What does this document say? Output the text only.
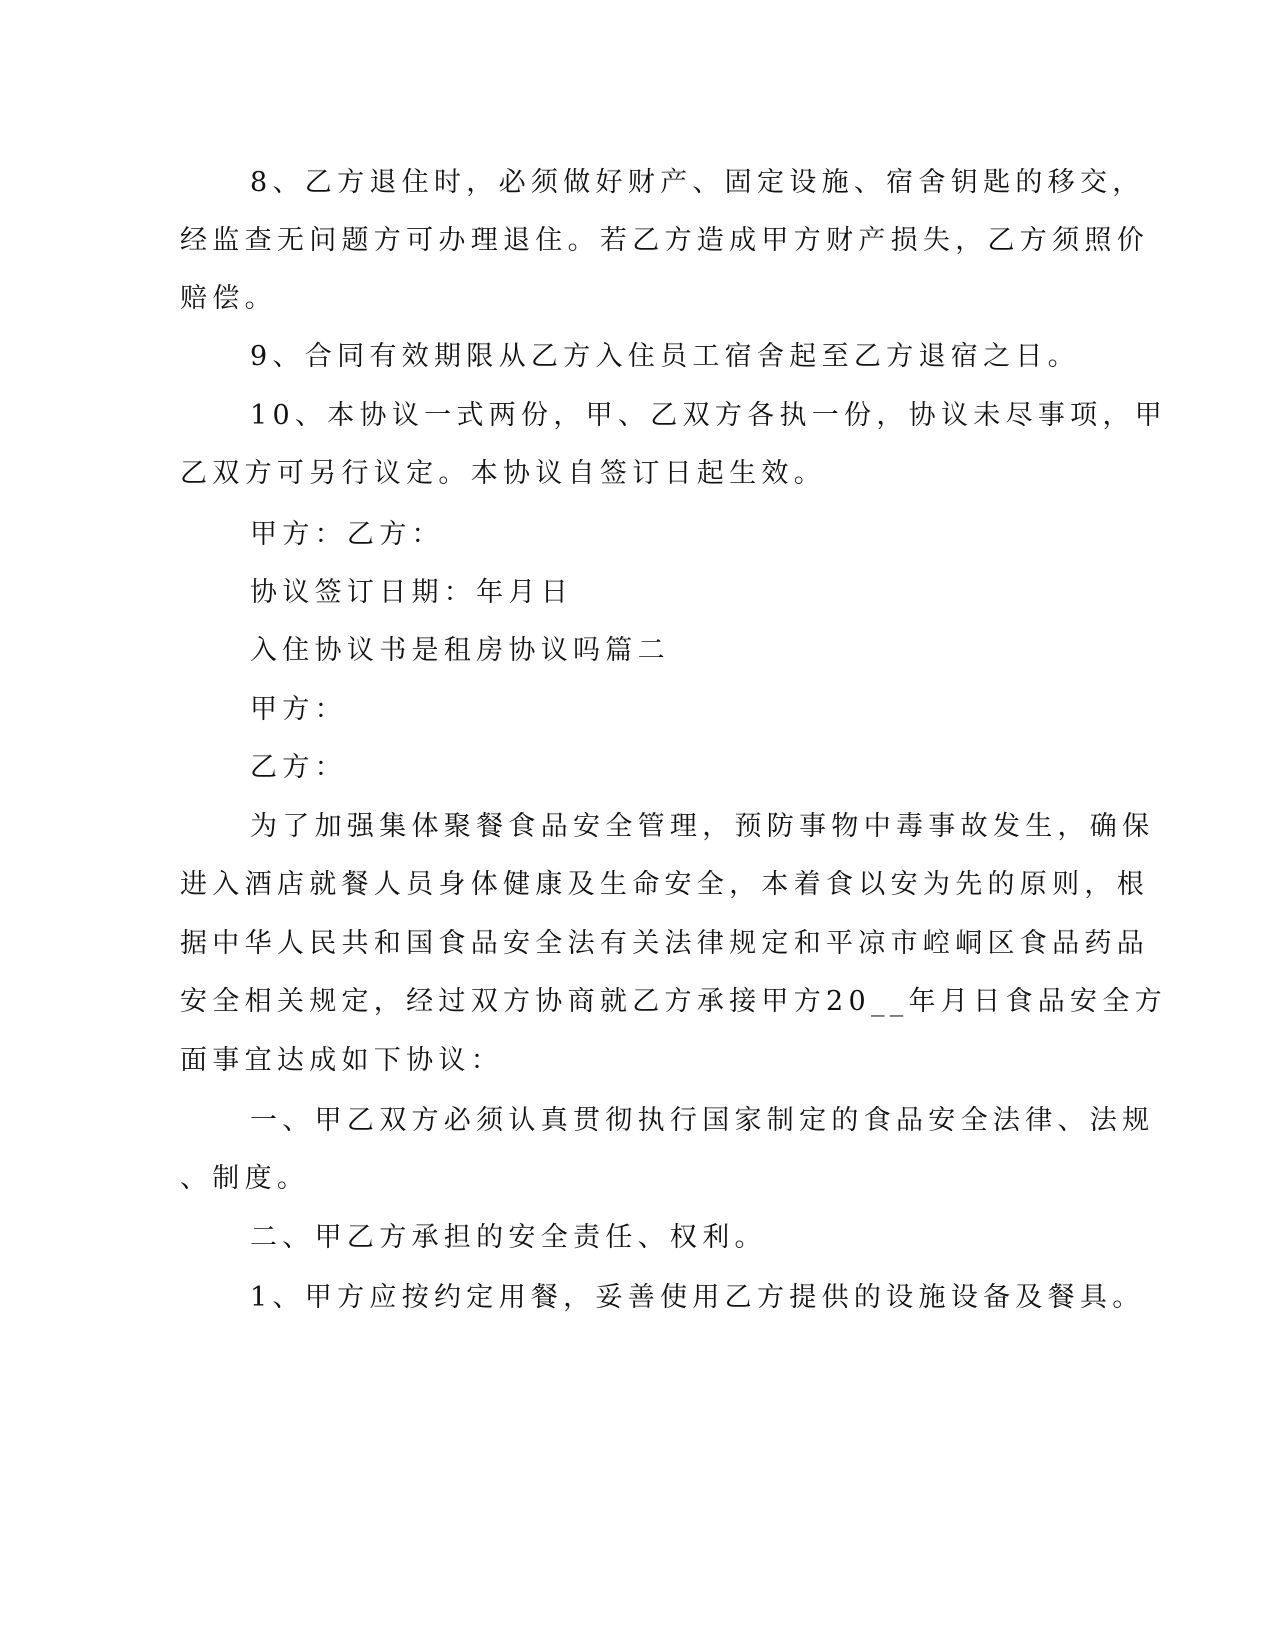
8、乙方退住时，必须做好财产、固定设施、宿舍钥匙的移交，

经监查无问题方可办理退住。若乙方造成甲方财产损失，乙方须照价

赔偿。

9、合同有效期限从乙方入住员工宿舍起至乙方退宿之日。

10、本协议一式两份，甲、乙双方各执一份，协议未尽事项，甲

乙双方可另行议定。本协议自签订日起生效。

甲方：乙方：

协议签订日期：年月日

入住协议书是租房协议吗篇二

甲方：

乙方：

为了加强集体聚餐食品安全管理，预防事物中毒事故发生，确保

进入酒店就餐人员身体健康及生命安全，本着食以安为先的原则，根

据中华人民共和国食品安全法有关法律规定和平凉市崆峒区食品药品

安全相关规定，经过双方协商就乙方承接甲方20__年月日食品安全方

面事宜达成如下协议：

一、甲乙双方必须认真贯彻执行国家制定的食品安全法律、法规

、制度。

二、甲乙方承担的安全责任、权利。

1、甲方应按约定用餐，妥善使用乙方提供的设施设备及餐具。
